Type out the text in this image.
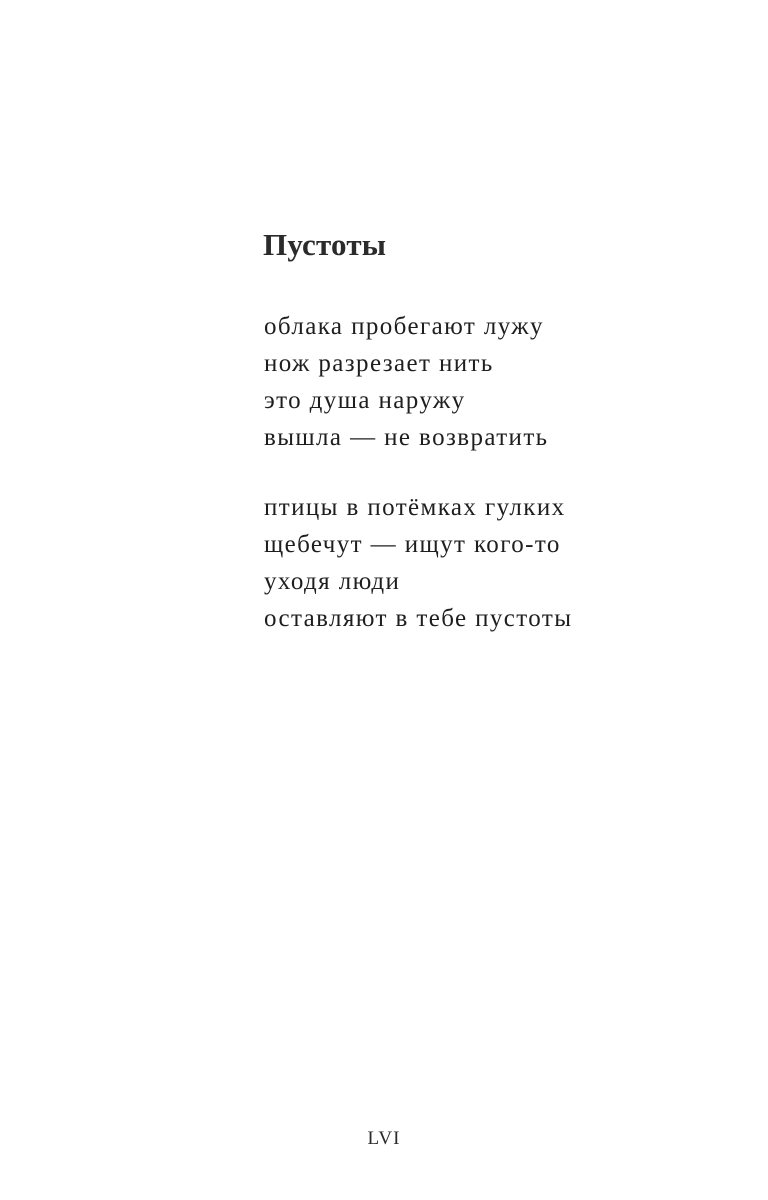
Пустоты
облака пробегают лужу
нож разрезает нить
это душа наружу
вышла — не возвратить
птицы в потёмках гулких
щебечут — ищут кого-то
уходя люди
оставляют в тебе пустоты
LVI
